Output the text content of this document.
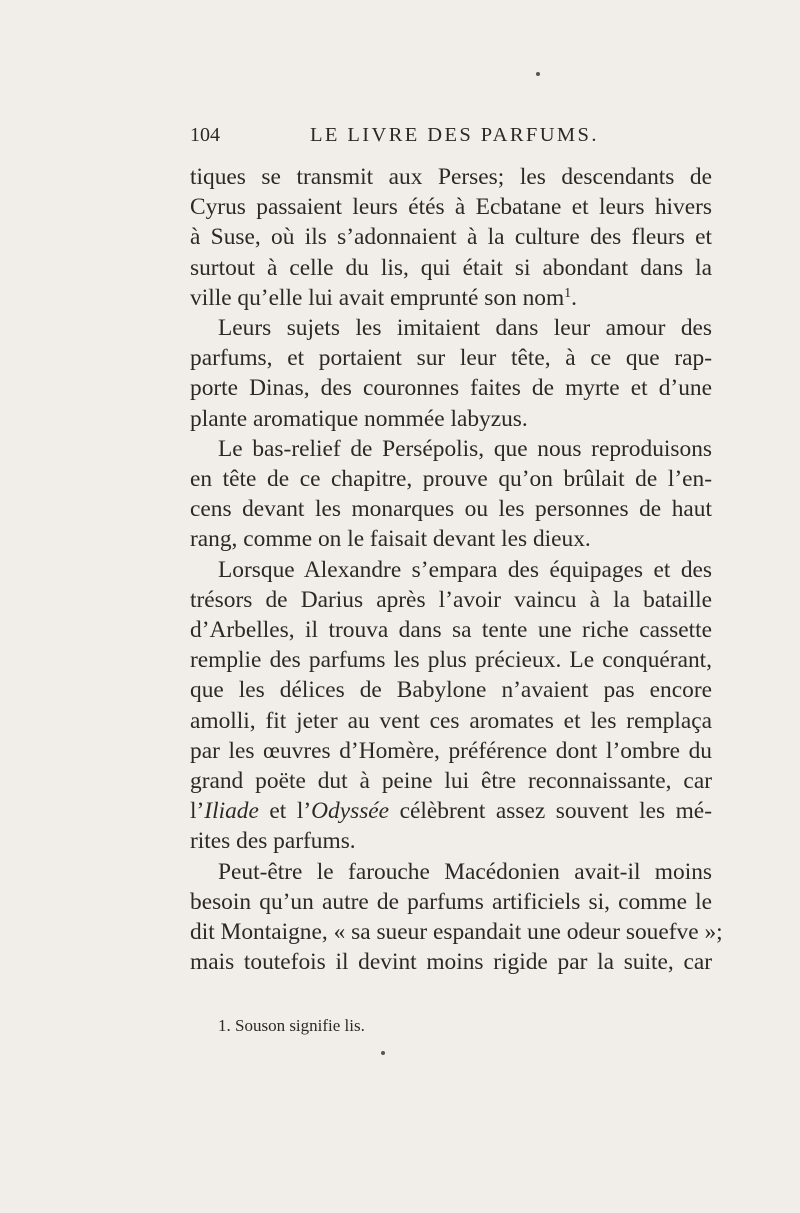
104	LE LIVRE DES PARFUMS.

tiques se transmit aux Perses; les descendants de
Cyrus passaient leurs étés à Ecbatane et leurs hivers
à Suse, où ils s’adonnaient à la culture des fleurs et
surtout à celle du lis, qui était si abondant dans la
ville qu’elle lui avait emprunté son nom$^1$.

Leurs sujets les imitaient dans leur amour des
parfums, et portaient sur leur tête, à ce que rap-
porte Dinas, des couronnes faites de myrte et d’une
plante aromatique nommée labyzus.

Le bas-relief de Persépolis, que nous reproduisons
en tête de ce chapitre, prouve qu’on brûlait de l’en-
cens devant les monarques ou les personnes de haut
rang, comme on le faisait devant les dieux.

Lorsque Alexandre s’empara des équipages et des
trésors de Darius après l’avoir vaincu à la bataille
d’Arbelles, il trouva dans sa tente une riche cassette
remplie des parfums les plus précieux. Le conquérant,
que les délices de Babylone n’avaient pas encore
amolli, fit jeter au vent ces aromates et les remplaça
par les œuvres d’Homère, préférence dont l’ombre du
grand poëte dut à peine lui être reconnaissante, car
l’Iliade et l’Odyssée célèbrent assez souvent les mé-
rites des parfums.

Peut-être le farouche Macédonien avait-il moins
besoin qu’un autre de parfums artificiels si, comme le
dit Montaigne, « sa sueur espandait une odeur souefve »;
mais toutefois il devint moins rigide par la suite, car

1. Souson signifie lis.
